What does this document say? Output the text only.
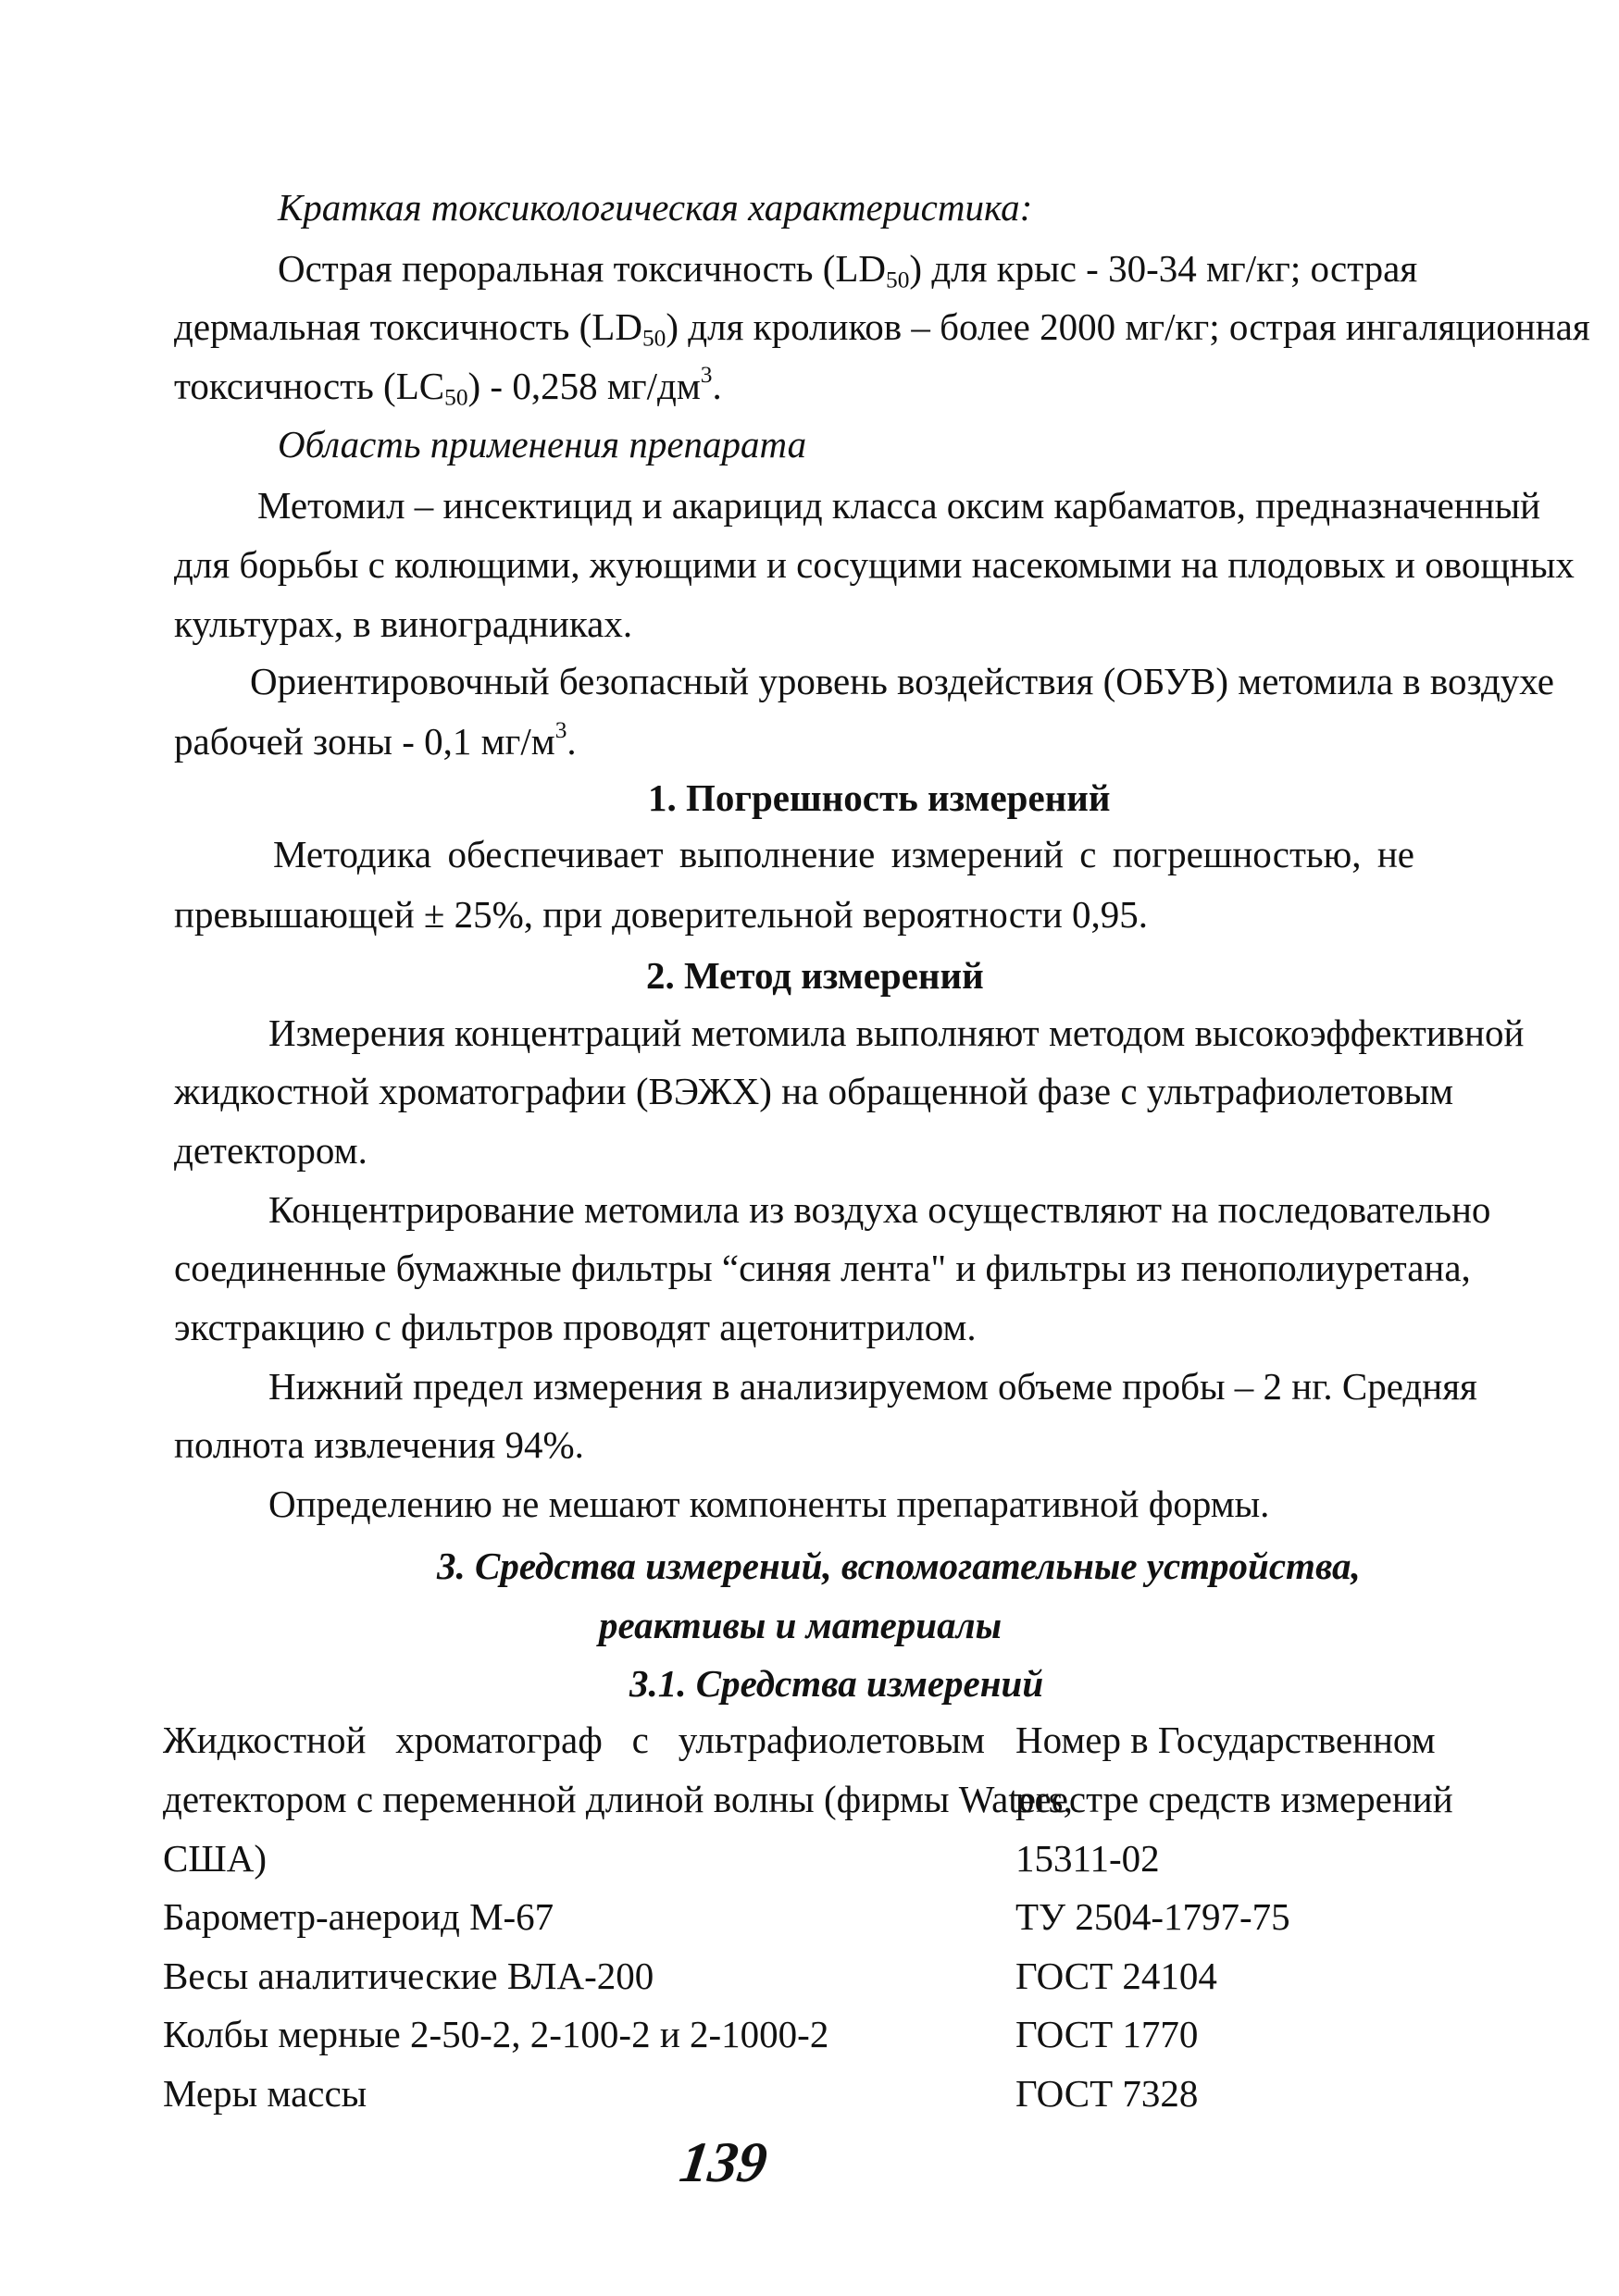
Краткая токсикологическая характеристика:
Острая пероральная токсичность $(LD_{50})$ для крыс - 30-34 мг/кг; острая
дермальная токсичность $(LD_{50})$ для кроликов – более 2000 мг/кг; острая ингаляционная
токсичность $(LC_{50}) - 0,258$ $мг/дм^3$.
Область применения препарата
Метомил – инсектицид и акарицид класса оксим карбаматов, предназначенный
для борьбы с колющими, жующими и сосущими насекомыми на плодовых и овощных
культурах, в виноградниках.
Ориентировочный безопасный уровень воздействия (ОБУВ) метомила в воздухе
рабочей зоны - 0,1 $мг/м^3$.
1. Погрешность измерений
Методика обеспечивает выполнение измерений с погрешностью, не
превышающей ± 25%, при доверительной вероятности 0,95.
2. Метод измерений
Измерения концентраций метомила выполняют методом высокоэффективной
жидкостной хроматографии (ВЭЖХ) на обращенной фазе с ультрафиолетовым
детектором.
Концентрирование метомила из воздуха осуществляют на последовательно
соединенные бумажные фильтры “синяя лента" и фильтры из пенополиуретана,
экстракцию с фильтров проводят ацетонитрилом.
Нижний предел измерения в анализируемом объеме пробы – 2 нг. Средняя
полнота извлечения 94%.
Определению не мешают компоненты препаративной формы.
3. Средства измерений, вспомогательные устройства,
реактивы и материалы
3.1. Средства измерений
Жидкостной хроматограф с ультрафиолетовым
детектором с переменной длиной волны (фирмы Waters,
США)
Барометр-анероид М-67
Весы аналитические ВЛА-200
Колбы мерные 2-50-2, 2-100-2 и 2-1000-2
Меры массы
Номер в Государственном
реестре средств измерений
15311-02
ТУ 2504-1797-75
ГОСТ 24104
ГОСТ 1770
ГОСТ 7328
139
